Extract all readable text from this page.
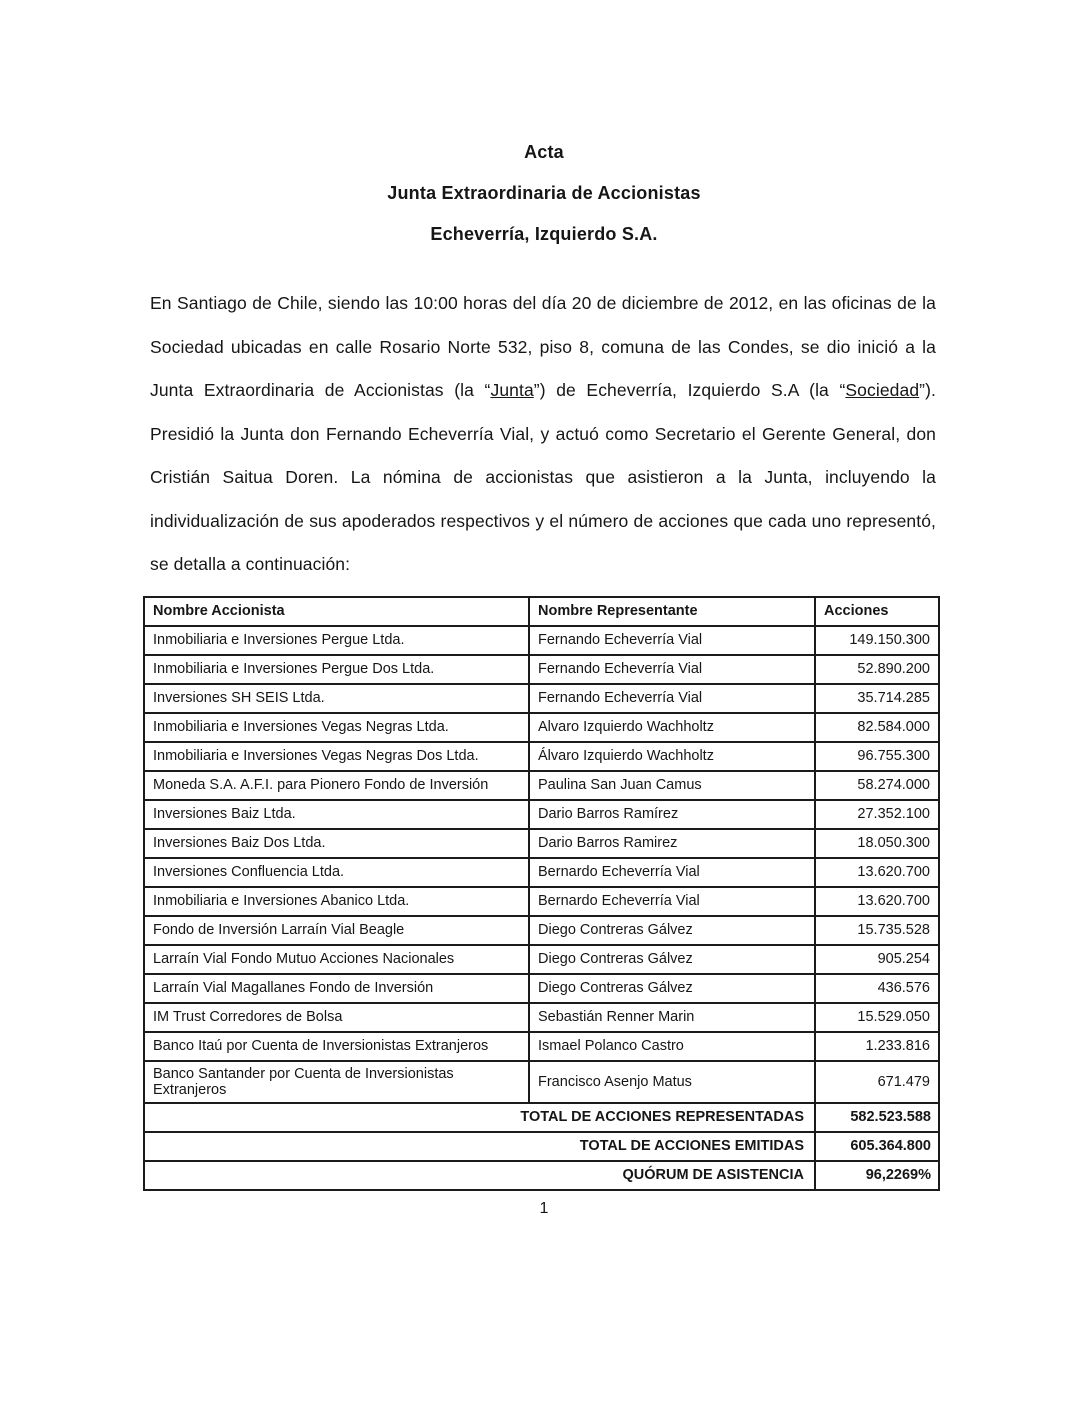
Acta
Junta Extraordinaria de Accionistas
Echeverría, Izquierdo S.A.

En Santiago de Chile, siendo las 10:00 horas del día 20 de diciembre de 2012, en las oficinas de la Sociedad ubicadas en calle Rosario Norte 532, piso 8, comuna de las Condes, se dio inició a la Junta Extraordinaria de Accionistas (la “Junta”) de Echeverría, Izquierdo S.A (la “Sociedad”). Presidió la Junta don Fernando Echeverría Vial, y actuó como Secretario el Gerente General, don Cristián Saitua Doren. La nómina de accionistas que asistieron a la Junta, incluyendo la individualización de sus apoderados respectivos y el número de acciones que cada uno representó, se detalla a continuación:

Nombre Accionista	Nombre Representante	Acciones
Inmobiliaria e Inversiones Pergue Ltda.	Fernando Echeverría Vial	149.150.300
Inmobiliaria e Inversiones Pergue Dos Ltda.	Fernando Echeverría Vial	52.890.200
Inversiones SH SEIS Ltda.	Fernando Echeverría Vial	35.714.285
Inmobiliaria e Inversiones Vegas Negras Ltda.	Alvaro Izquierdo Wachholtz	82.584.000
Inmobiliaria e Inversiones Vegas Negras Dos Ltda.	Álvaro Izquierdo Wachholtz	96.755.300
Moneda S.A. A.F.I. para Pionero Fondo de Inversión	Paulina San Juan Camus	58.274.000
Inversiones Baiz Ltda.	Dario Barros Ramírez	27.352.100
Inversiones Baiz Dos Ltda.	Dario Barros Ramirez	18.050.300
Inversiones Confluencia Ltda.	Bernardo Echeverría Vial	13.620.700
Inmobiliaria e Inversiones Abanico Ltda.	Bernardo Echeverría Vial	13.620.700
Fondo de Inversión Larraín Vial Beagle	Diego Contreras Gálvez	15.735.528
Larraín Vial Fondo Mutuo Acciones Nacionales	Diego Contreras Gálvez	905.254
Larraín Vial Magallanes Fondo de Inversión	Diego Contreras Gálvez	436.576
IM Trust Corredores de Bolsa	Sebastián Renner Marin	15.529.050
Banco Itaú por Cuenta de Inversionistas Extranjeros	Ismael Polanco Castro	1.233.816
Banco Santander por Cuenta de Inversionistas Extranjeros	Francisco Asenjo Matus	671.479
TOTAL DE ACCIONES REPRESENTADAS		582.523.588
TOTAL DE ACCIONES EMITIDAS		605.364.800
QUÓRUM DE ASISTENCIA		96,2269%
1
